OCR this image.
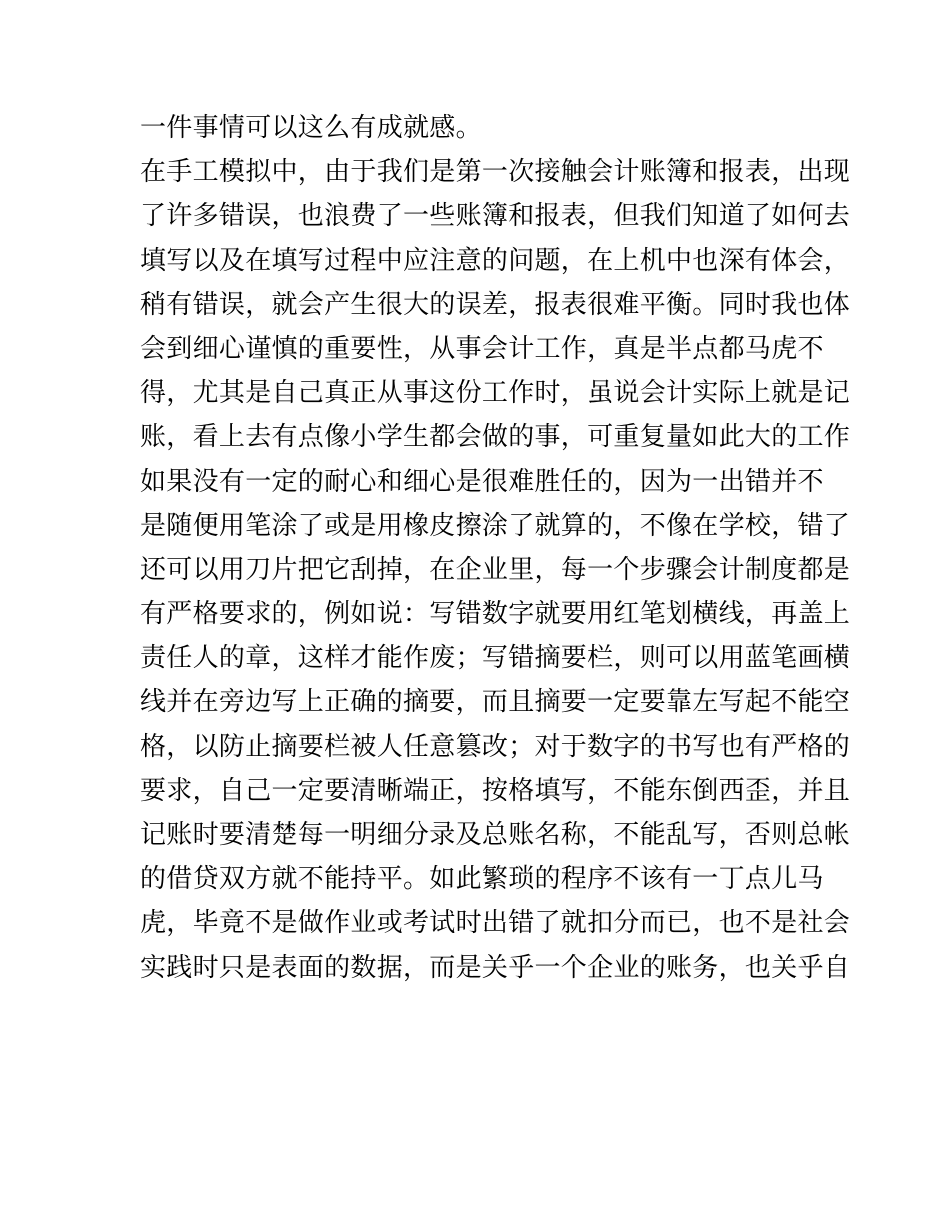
一件事情可以这么有成就感。
在手工模拟中，由于我们是第一次接触会计账簿和报表，出现
了许多错误，也浪费了一些账簿和报表，但我们知道了如何去
填写以及在填写过程中应注意的问题，在上机中也深有体会，
稍有错误，就会产生很大的误差，报表很难平衡。同时我也体
会到细心谨慎的重要性，从事会计工作，真是半点都马虎不
得，尤其是自己真正从事这份工作时，虽说会计实际上就是记
账，看上去有点像小学生都会做的事，可重复量如此大的工作
如果没有一定的耐心和细心是很难胜任的，因为一出错并不
是随便用笔涂了或是用橡皮擦涂了就算的，不像在学校，错了
还可以用刀片把它刮掉，在企业里，每一个步骤会计制度都是
有严格要求的，例如说：写错数字就要用红笔划横线，再盖上
责任人的章，这样才能作废；写错摘要栏，则可以用蓝笔画横
线并在旁边写上正确的摘要，而且摘要一定要靠左写起不能空
格，以防止摘要栏被人任意篡改；对于数字的书写也有严格的
要求，自己一定要清晰端正，按格填写，不能东倒西歪，并且
记账时要清楚每一明细分录及总账名称，不能乱写，否则总帐
的借贷双方就不能持平。如此繁琐的程序不该有一丁点儿马
虎，毕竟不是做作业或考试时出错了就扣分而已，也不是社会
实践时只是表面的数据，而是关乎一个企业的账务，也关乎自
